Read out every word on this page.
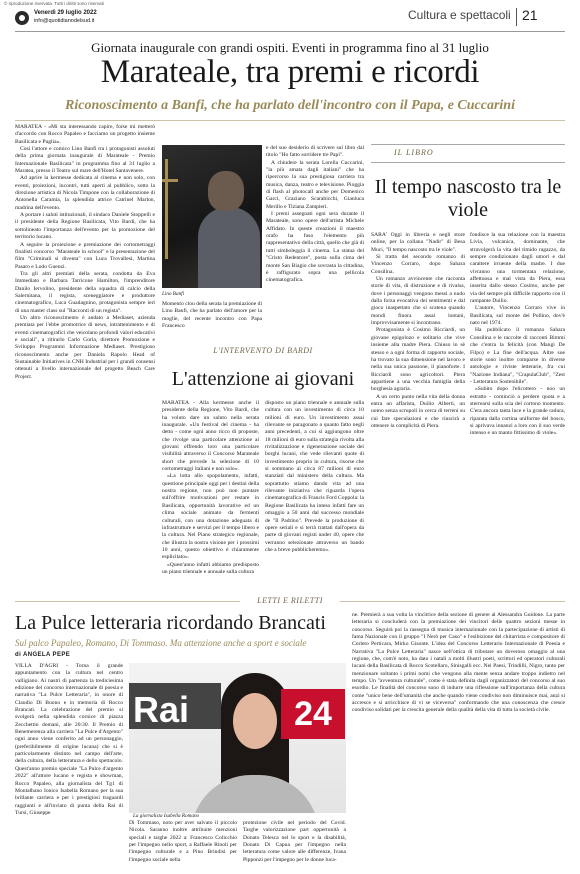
© riproduzione riservata. Tutti i diritti sono riservati
Venerdì 29 luglio 2022
info@quotidianodelsud.it	Cultura e spettacoli 21
Giornata inaugurale con grandi ospiti. Eventi in programma fino al 31 luglio
Marateale, tra premi e ricordi
Riconoscimento a Banfi, che ha parlato dell'incontro con il Papa, e Cuccarini

MARATEA - «Mi sta interessando capire, forse mi metterò d'accordo con Rocco Papaleo e facciamo un progetto insieme Basilicata e Puglia».

Così l'attore e comico Lino Banfi tra i protagonisti assoluti della prima giornata inaugurale di Marateale - Premio Internazionale Basilicata" in programma fino al 31 luglio a Maratea, presso il Teatro sul mare dell'Hotel Santavenere.

Ad aprire la kermesse dedicata al cinema e non solo, con eventi, proiezioni, incontri, tutti aperti al pubblico, sotto la direzione artistica di Nicola Timpone con la collaborazione di Antonella Caramia, la splendida attrice Catrinel Marlon, madrina dell'evento.

A portare i saluti istituzionali, il sindaco Daniele Stoppelli e il presidente della Regione Basilicata, Vito Bardi, che ha sottolineato l'importanza dell'evento per la promozione del territorio lucano.

A seguire la proiezione e premiazione dei cortometraggi finalisti concorso "Marateale in school" e la presentazione del film "Criminali si diventa" con Luca Trovallesi, Martina Pasaro e Lodo Guenzi.

Tra gli altri premiati della serata, condotta da Eva Immediato e Barbara Tarricone Hamilton, l'imprenditore Danilo Iervolino, presidente della squadra di calcio della Salernitana, il regista, sceneggiatore e produttore cinematografico, Luca Guadagnino, protagonista sempre ieri di una master class sul "Racconti di un regista".

Un altro riconoscimento è andato a Mediaset, azienda premiata per l'ebbe promotrice di news, intrattenimento e di eventi cinematografici che veicolano profondi valori educativi e sociali", a ritirarlo Carlo Gorla, direttore Promozione e Sviluppo Programmi Informazione Mediaset. Prestigioso riconoscimento anche per Daniela Rapolo Head of Sustainable Initiatives in CNH Industrial per i grandi consensi ottenuti a livello internazionale del progetto Beach Care Project.

Lino Banfi

Momento clou della serata la premiazione di Lino Banfi, che ha parlato dell'amore per la moglie, del recente incontro con Papa Francesco

e del suo desiderio di scrivere sul libro dal titolo "Ho fatto sorridere tre Papi".

A chiudere la serata Lorella Cuccarini, "la più amata dagli italiani" che ha ripercorso la sua prestigiosa carriera tra musica, danza, teatro e televisione. Pioggia di flash al photocall anche per Domenico Garcì, Graziano Scarabicchi, Gianluca Merillo e Tiziana Zampieri.

I premi assegnati ogni sera durante il Marateale, sono opere dell'artista Michele Affidato. In queste creazioni il maestro orafo ha fuso l'elemento più rappresentativo della città, quello che già di tutti simboleggia il cinema. La statua del "Cristo Redentore", posta sulla cima del monte San Biagio che sovrasta la cittadina, è raffigurato sopra una pellicola cinematografica.

IL LIBRO
Il tempo nascosto tra le viole

SARA' Oggi in libreria e negli store online, per la collana "Nadir" di Besa Muci, "Il tempo nascosto tra le viole".

Si tratta del secondo romanzo di Vincenzo Corraro, dopo Sahara Consilina.

Un romanzo avvincente che racconta storie di vita, di distruzione e di rivalsa, dove i personaggi vengono messi a nudo dalla forza evocativa dei sentimenti e dal gioco inaspettato che si scatena quando mondi finora assai lontani, improvvisamente si incontrano.

Protagonista è Cosimo Ricciardi, un giovane epigolozo e solitario che vive insieme alla madre Piera. Chiuso in sè stesso e a ogni forma di rapporto sociale, ha trovato la sua dimensione nel lavoro e nella sua unica passione, il pianoforte. I Ricciardi sono agricoltori. Piera appartiene a una vecchia famiglia della borghesia agraria.

A un certo punto nella vita della donna entra un affarista, Duilio Alberti, un uomo senza scrupoli in cerca di terreni su cui fare speculazioni e che riuscirà a ottenere la complicità di Piera.

fondisce la sua relazione con la maestra Livia, vulcanica, dominante, che stravolgerà la vita del timido ragazzo, da sempre condizionato dagli umori e dal carattere irruente della madre. I due vivranno una tormentata relazione, affettuosa e mal vista da Piera, essa inserita dallo stesso Cosimo, anche per via del sempre più difficile rapporto con il rampante Duilio.

L'autore, Vincenzo Corraro vive in Basilicata, sul monte del Pollino, dov'è nato nel 1974.

Ha pubblicato il romanzo Sahara Consilina e le raccolte di racconti Bimmi che c'entra la felicità (con Mangi De Filpo) e La fine dell'acqua. Altre sue storie sono inoltre comparse in diverse antologie e riviste letterarie, fra cui "Nazione Indiana", "CrapulaClub", "Zest - Letteratura Sostenibile".

«Subito dopo l'elicottero - noo un estratto - cominciò a perdere quota e a sterrearsi sulla scia del cortono momento. C'era ancora tanta luce e la grande radura, riparata dalla cortina uniforme del bosco, si aprivava innanzi a loro con il suo verde intenso e un manto fittissimo di viole».

L'INTERVENTO DI BARDI
L'attenzione ai giovani

MARATEA - Alla kermesse anche il presidente della Regione, Vito Bardi, che ha voluto dare un saluto nella serata inaugurale. «Un festival del cinema - ha detto - come ogni anno ricco di proposte, che rivolge una particolare attenzione ai giovani offrendo loro una particolare visibilità attraverso il Concorso Marateale short che prevede la selezione di 10 cortometraggi italiani e non solo».

«La lotta allo spopolamento, infatti, questione principale oggi per i destini della nostra regione, non può non puntare sull'offrire motivazioni per restare in Basilicata, opportunità lavorative ed un clima sociale animato da fermenti culturali, con una dotazione adeguata di infrastrutture e servizi per il tempo libero e la cultura. Nel Piano strategico regionale, che illustra la nostra visione per i prossimi 10 anni, questo obiettivo è chiaramente esplicitato».

«Quest'anno infatti abbiamo predisposto un piano triennale e annuale sulla cultura

disposto un piano triennale e annuale sulla cultura con un investimento di circa 10 milioni di euro. Un investimento assai rilevante se paragonato a quanto fatto negli anni precedenti, a cui si aggiungono oltre 18 milioni di euro sulla strategia rivolta alla rivitalizzazione e rigenerazione sociale dei borghi lucani, che vede rilevanti quote di investimento proprio in cultura, risorse che si sommano ai circa 87 milioni di euro stanziati dal ministero della cultura. Ma soprattutto stiamo dando vita ad una rilevante iniziativa che riguarda l'opera cinematografica di Francis Ford Coppola: la Regione Basilicata ha inteso infatti fare un omaggio a 50 anni dal successo mondiale de "Il Padrino". Prevede la produzione di opere seriali e si terrà trattati dall'opera da parte di giovani registi under 40, opere che verranno selezionate attraverso un bando che a breve pubblicheremo».

LETTI E RILETTI
La Pulce letteraria ricordando Brancati
Sul palco Papaleo, Romano, Di Tommaso. Ma attenzione anche a sport e sociale
di ANGELA PEPE

VILLA D'AGRI - Torna il grande appuntamento con la cultura nel centro valligiano. Ai nastri di partenza la trediciesima edizione del concorso internazionale di poesia e narrativa "La Pulce Letteraria", in onore di Claudio Di Buono e in memoria di Rocco Brancati. La celebrazione del premio si svolgerà nella splendida cornice di piazza Zecchettin domani, alle 20:30. Il Premio di Benemerenza alla carriera "La Pulce d'Argento" ogni anno viene conferito ad un personaggio, (preferibilmente di origine lucana) che si è particolarmente distinto nel campo dell'arte, della cultura, della letteratura e dello spettacolo. Quest'anno premio speciale "La Pulce d'argento 2022" all'attore lucano e regista e showman, Rocco Papaleo, alla giornalista del Tg1 di Montalbano Ionico Isabella Romano per la sua brillante carriera e per i prestigiosi traguardi raggiunti e all'inviato di punta della Rai di Tursi, Giuseppe

Di Tommaso, noto per aver salvato il piccolo Nicola. Saranno inoltre attribuite menzioni speciali e targhe 2022 a: Francesco Colicchio per l'impegno nello sport, a Raffaele Rinoli per l'impegno culturale e a Pino Brindisi per l'impegno sociale nella

protezione civile nel periodo del Covid. Targhe valorizzazione part oppertunità a Donato Telesca nel lo sport e la disabilità, Donato Di Capua per l'impegno nella letteratura come valore alle differenze, Ivana Pipponzi per l'impegno per le donne luca-

Rai	24
La giornalista Isabella Romano

ne. Premierà a sua volta la vincitrice della sezione di genere al Alessandra Guidone. La parte letteraria si concluderà con la premiazione dei vincitori delle quattro sezioni messe in concorso. Seguirà poi la rassegna di musica internazionale con la partecipazione di artisti di fama Nazionale con il gruppo "I Nerò per Caso" e l'esibizione del chitarrista e compositore di Corleto Perticara, Mirko Gisonte. L'idea del Concorso Letterario Internazionale di Poesia e Narrativa "La Pulce Letteraria" nasce nell'ottica di tributare un doveroso omaggio al una regione, che, com'è noto, ha dato i natali a molti illustri poeti, scrittori ed operatori culturali lucani della Basilicata di Rocco Scotellaro, Sinisgalli ecc. Nei Paesi, Trindilli, Nigro, tanto per menzionare soltanto i primi nomi che vengono alla mente senza andare troppo indietro nel tempo. Un "avventura culturale", come è stata definita dagli organizzatori del concorso al suo esordio. Le finalità del concorso sono di indurre una riflessione sull'importanza della cultura come "unico bene dell'umanità che anche quando viene condiviso non diminuisce mai, anzi si accresce e si arricchisce di vi se viceversa" conformando che una conoscenza che cresce condiviso solidati per la crescita generale della qualità della vita di tutta la società civile.
